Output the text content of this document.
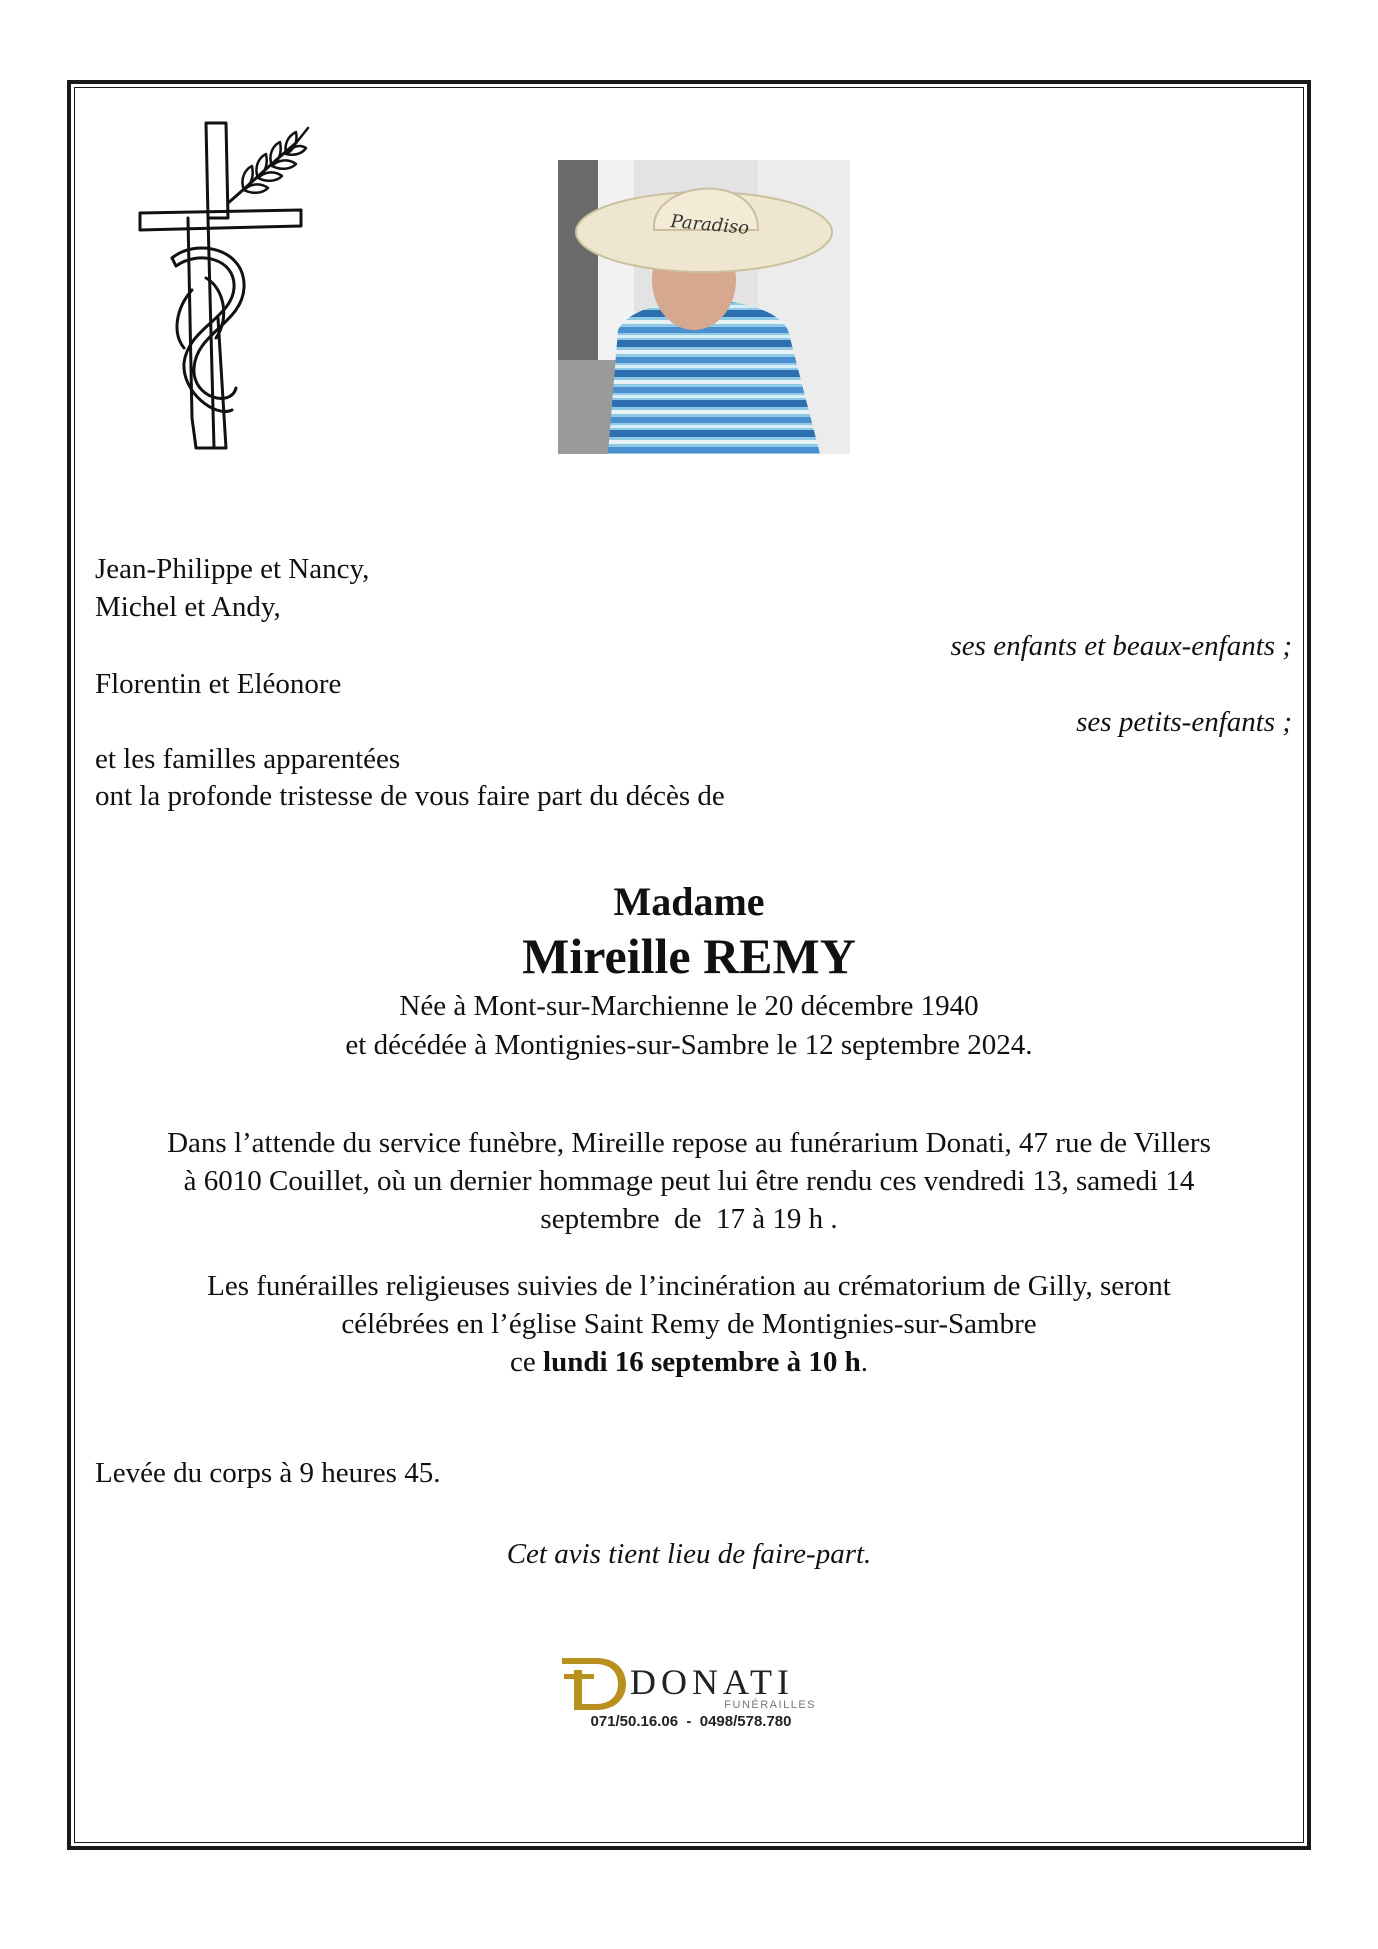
Paradiso
Jean-Philippe et Nancy,
Michel et Andy,
ses enfants et beaux-enfants ;
Florentin et Eléonore
ses petits-enfants ;
et les familles apparentées
ont la profonde tristesse de vous faire part du décès de
Madame
Mireille REMY
Née à Mont-sur-Marchienne le 20 décembre 1940
et décédée à Montignies-sur-Sambre le 12 septembre 2024.
Dans l’attende du service funèbre, Mireille repose au funérarium Donati, 47 rue de Villers
à 6010 Couillet, où un dernier hommage peut lui être rendu ces vendredi 13, samedi 14
septembre  de  17 à 19 h .
Les funérailles religieuses suivies de l’incinération au crématorium de Gilly, seront
célébrées en l’église Saint Remy de Montignies-sur-Sambre
ce lundi 16 septembre à 10 h.
Levée du corps à 9 heures 45.
Cet avis tient lieu de faire-part.
DONATI
FUNÉRAILLES
071/50.16.06  -  0498/578.780
